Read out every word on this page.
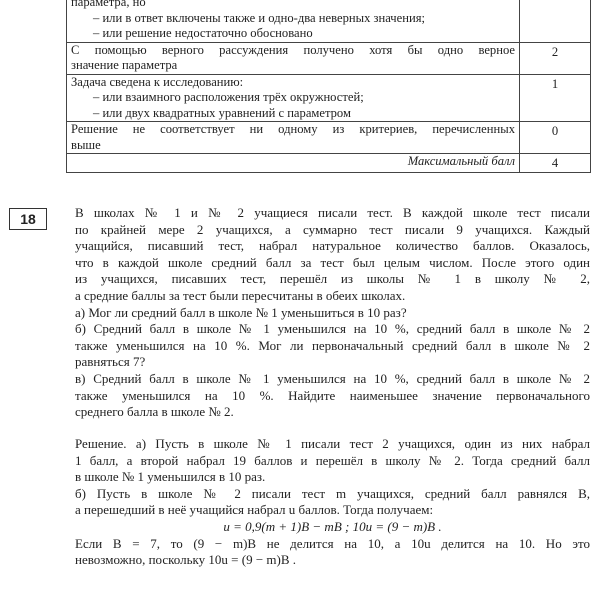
параметра, но
– или в ответ включены также и одно-два неверных значения;
– или решение недостаточно обосновано	

С помощью верного рассуждения получено хотя бы одно верное
значение параметра	2

Задача сведена к исследованию:
– или взаимного расположения трёх окружностей;
– или двух квадратных уравнений с параметром	1

Решение не соответствует ни одному из критериев, перечисленных
выше	0
Максимальный балл	4
18	В школах № 1 и № 2 учащиеся писали тест. В каждой школе тест писали
по крайней мере 2 учащихся, а суммарно тест писали 9 учащихся. Каждый
учащийся, писавший тест, набрал натуральное количество баллов. Оказалось,
что в каждой школе средний балл за тест был целым числом. После этого один
из учащихся, писавших тест, перешёл из школы № 1 в школу № 2,
а средние баллы за тест были пересчитаны в обеих школах.
а) Мог ли средний балл в школе № 1 уменьшиться в 10 раз?
б) Средний балл в школе № 1 уменьшился на 10 %, средний балл в школе № 2
также уменьшился на 10 %. Мог ли первоначальный средний балл в школе № 2
равняться 7?
в) Средний балл в школе № 1 уменьшился на 10 %, средний балл в школе № 2
также уменьшился на 10 %. Найдите наименьшее значение первоначального
среднего балла в школе № 2.
Решение. а) Пусть в школе № 1 писали тест 2 учащихся, один из них набрал
1 балл, а второй набрал 19 баллов и перешёл в школу № 2. Тогда средний балл
в школе № 1 уменьшился в 10 раз.
б) Пусть в школе № 2 писали тест m учащихся, средний балл равнялся B,
а перешедший в неё учащийся набрал u баллов. Тогда получаем:
u = 0,9(m + 1)B − mB ; 10u = (9 − m)B .
Если B = 7, то (9 − m)B не делится на 10, а 10u делится на 10. Но это
невозможно, поскольку 10u = (9 − m)B .
